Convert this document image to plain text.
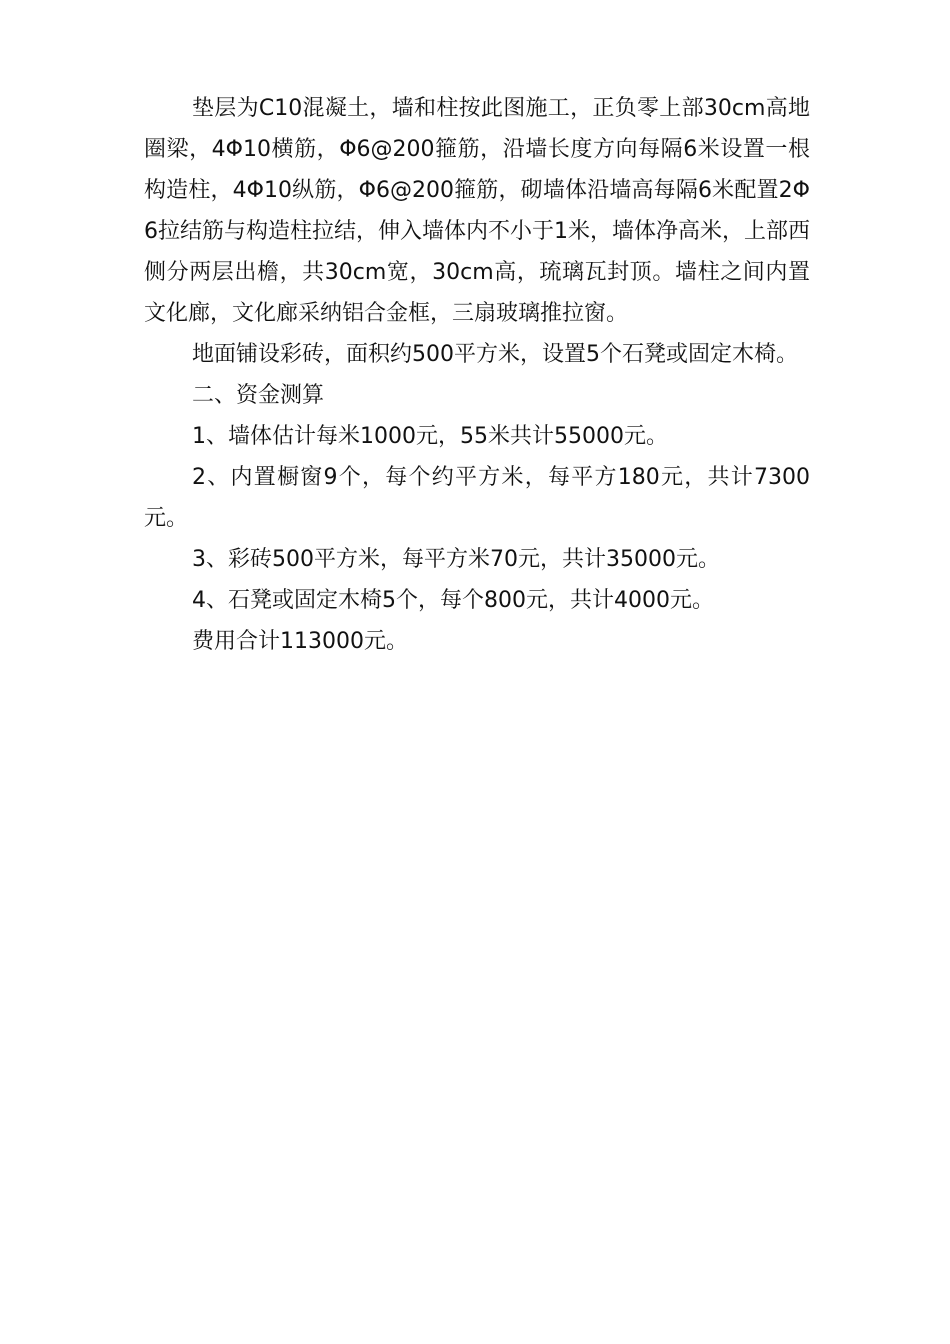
垫层为C10混凝土，墙和柱按此图施工，正负零上部30cm高地圈梁，4Φ10横筋，Φ6@200箍筋，沿墙长度方向每隔6米设置一根构造柱，4Φ10纵筋，Φ6@200箍筋，砌墙体沿墙高每隔6米配置2Φ6拉结筋与构造柱拉结，伸入墙体内不小于1米，墙体净高米，上部西侧分两层出檐，共30cm宽，30cm高，琉璃瓦封顶。墙柱之间内置文化廊，文化廊采纳铝合金框，三扇玻璃推拉窗。

地面铺设彩砖，面积约500平方米，设置5个石凳或固定木椅。

二、资金测算

1、墙体估计每米1000元，55米共计55000元。

2、内置橱窗9个，每个约平方米，每平方180元，共计7300元。

3、彩砖500平方米，每平方米70元，共计35000元。

4、石凳或固定木椅5个，每个800元，共计4000元。

费用合计113000元。
